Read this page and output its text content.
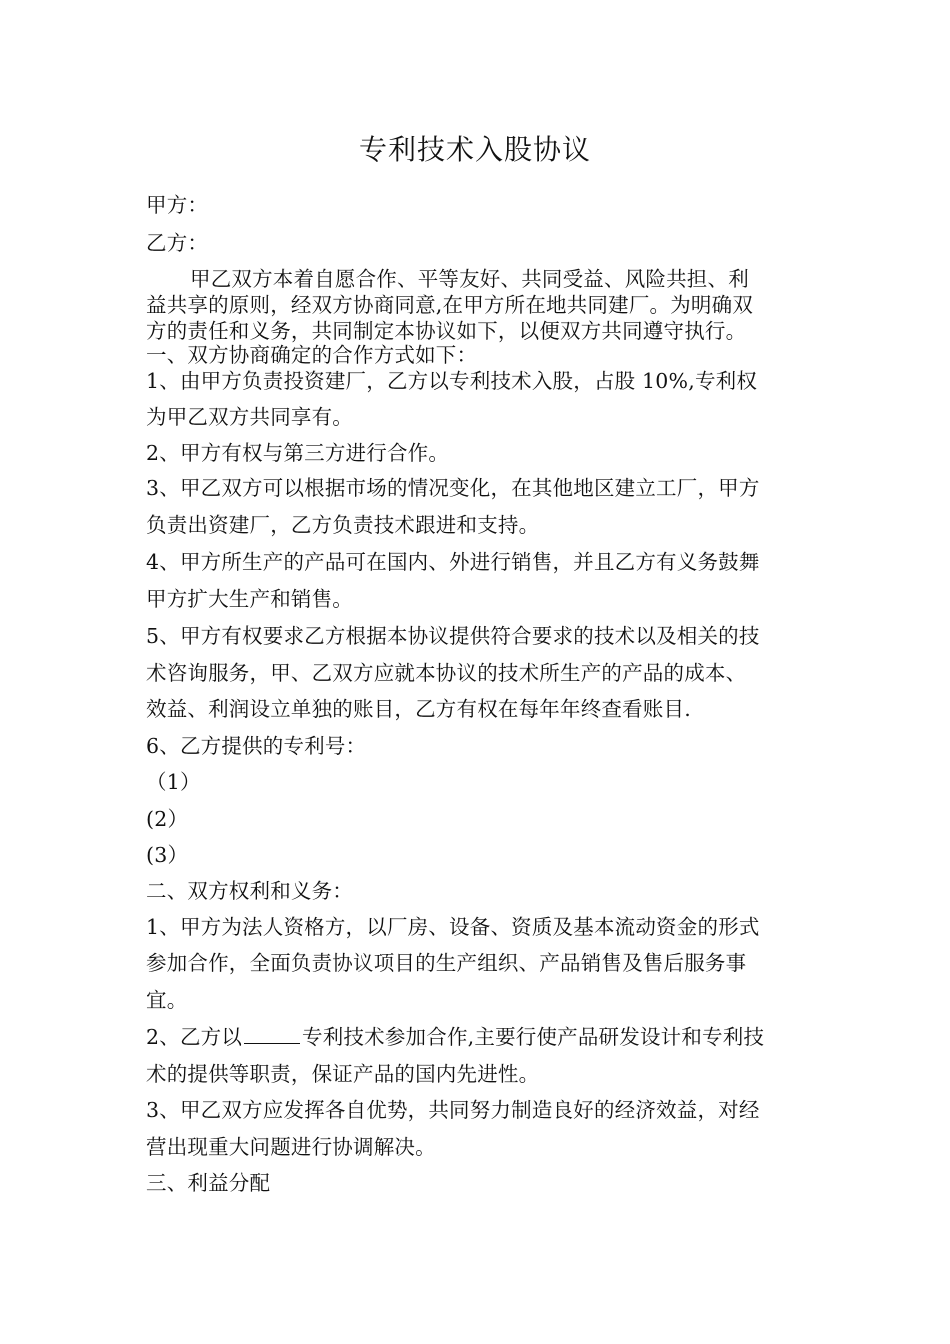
专利技术入股协议
甲方：
乙方：
甲乙双方本着自愿合作、平等友好、共同受益、风险共担、利
益共享的原则，经双方协商同意,在甲方所在地共同建厂。为明确双
方的责任和义务，共同制定本协议如下，以便双方共同遵守执行。
一、双方协商确定的合作方式如下：
1、由甲方负责投资建厂，乙方以专利技术入股，占股 10%,专利权
为甲乙双方共同享有。
2、甲方有权与第三方进行合作。
3、甲乙双方可以根据市场的情况变化，在其他地区建立工厂，甲方
负责出资建厂，乙方负责技术跟进和支持。
4、甲方所生产的产品可在国内、外进行销售，并且乙方有义务鼓舞
甲方扩大生产和销售。
5、甲方有权要求乙方根据本协议提供符合要求的技术以及相关的技
术咨询服务，甲、乙双方应就本协议的技术所生产的产品的成本、
效益、利润设立单独的账目，乙方有权在每年年终查看账目.
6、乙方提供的专利号：
（1）
(2）
(3）
二、双方权利和义务：
1、甲方为法人资格方，以厂房、设备、资质及基本流动资金的形式
参加合作，全面负责协议项目的生产组织、产品销售及售后服务事
宜。
2、乙方以	专利技术参加合作,主要行使产品研发设计和专利技
术的提供等职责，保证产品的国内先进性。
3、甲乙双方应发挥各自优势，共同努力制造良好的经济效益，对经
营出现重大问题进行协调解决。
三、利益分配
